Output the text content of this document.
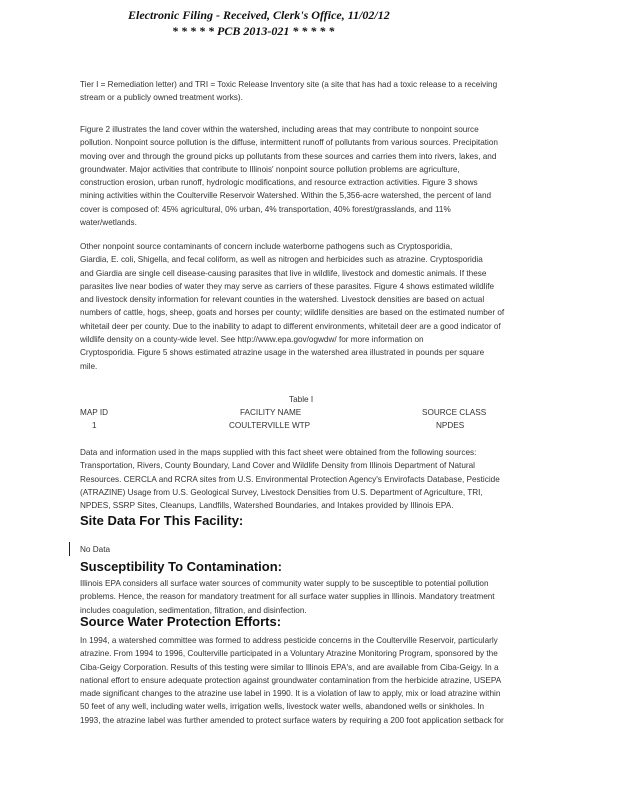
Electronic Filing - Received, Clerk's Office, 11/02/12
* * * * * PCB 2013-021 * * * * *
Tier I = Remediation letter) and TRI = Toxic Release Inventory site (a site that has had a toxic release to a receiving
stream or a publicly owned treatment works).
Figure 2 illustrates the land cover within the watershed, including areas that may contribute to nonpoint source
pollution. Nonpoint source pollution is the diffuse, intermittent runoff of pollutants from various sources. Precipitation
moving over and through the ground picks up pollutants from these sources and carries them into rivers, lakes, and
groundwater. Major activities that contribute to Illinois' nonpoint source pollution problems are agriculture,
construction erosion, urban runoff, hydrologic modifications, and resource extraction activities. Figure 3 shows
mining activities within the Coulterville Reservoir Watershed. Within the 5,356-acre watershed, the percent of land
cover is composed of: 45% agricultural, 0% urban, 4% transportation, 40% forest/grasslands, and 11%
water/wetlands.
Other nonpoint source contaminants of concern include waterborne pathogens such as Cryptosporidia,
Giardia, E. coli, Shigella, and fecal coliform, as well as nitrogen and herbicides such as atrazine. Cryptosporidia
and Giardia are single cell disease-causing parasites that live in wildlife, livestock and domestic animals. If these
parasites live near bodies of water they may serve as carriers of these parasites. Figure 4 shows estimated wildlife
and livestock density information for relevant counties in the watershed. Livestock densities are based on actual
numbers of cattle, hogs, sheep, goats and horses per county; wildlife densities are based on the estimated number of
whitetail deer per county. Due to the inability to adapt to different environments, whitetail deer are a good indicator of
wildlife density on a county-wide level. See http://www.epa.gov/ogwdw/ for more information on
Cryptosporidia. Figure 5 shows estimated atrazine usage in the watershed area illustrated in pounds per square
mile.
Table I
MAP ID	FACILITY NAME	SOURCE CLASS
1	COULTERVILLE WTP	NPDES
Data and information used in the maps supplied with this fact sheet were obtained from the following sources:
Transportation, Rivers, County Boundary, Land Cover and Wildlife Density from Illinois Department of Natural
Resources. CERCLA and RCRA sites from U.S. Environmental Protection Agency's Envirofacts Database, Pesticide
(ATRAZINE) Usage from U.S. Geological Survey, Livestock Densities from U.S. Department of Agriculture, TRI,
NPDES, SSRP Sites, Cleanups, Landfills, Watershed Boundaries, and Intakes provided by Illinois EPA.
Site Data For This Facility:
No Data
Susceptibility To Contamination:
Illinois EPA considers all surface water sources of community water supply to be susceptible to potential pollution
problems. Hence, the reason for mandatory treatment for all surface water supplies in Illinois. Mandatory treatment
includes coagulation, sedimentation, filtration, and disinfection.
Source Water Protection Efforts:
In 1994, a watershed committee was formed to address pesticide concerns in the Coulterville Reservoir, particularly
atrazine. From 1994 to 1996, Coulterville participated in a Voluntary Atrazine Monitoring Program, sponsored by the
Ciba-Geigy Corporation. Results of this testing were similar to Illinois EPA's, and are available from Ciba-Geigy. In a
national effort to ensure adequate protection against groundwater contamination from the herbicide atrazine, USEPA
made significant changes to the atrazine use label in 1990. It is a violation of law to apply, mix or load atrazine within
50 feet of any well, including water wells, irrigation wells, livestock water wells, abandoned wells or sinkholes. In
1993, the atrazine label was further amended to protect surface waters by requiring a 200 foot application setback for
